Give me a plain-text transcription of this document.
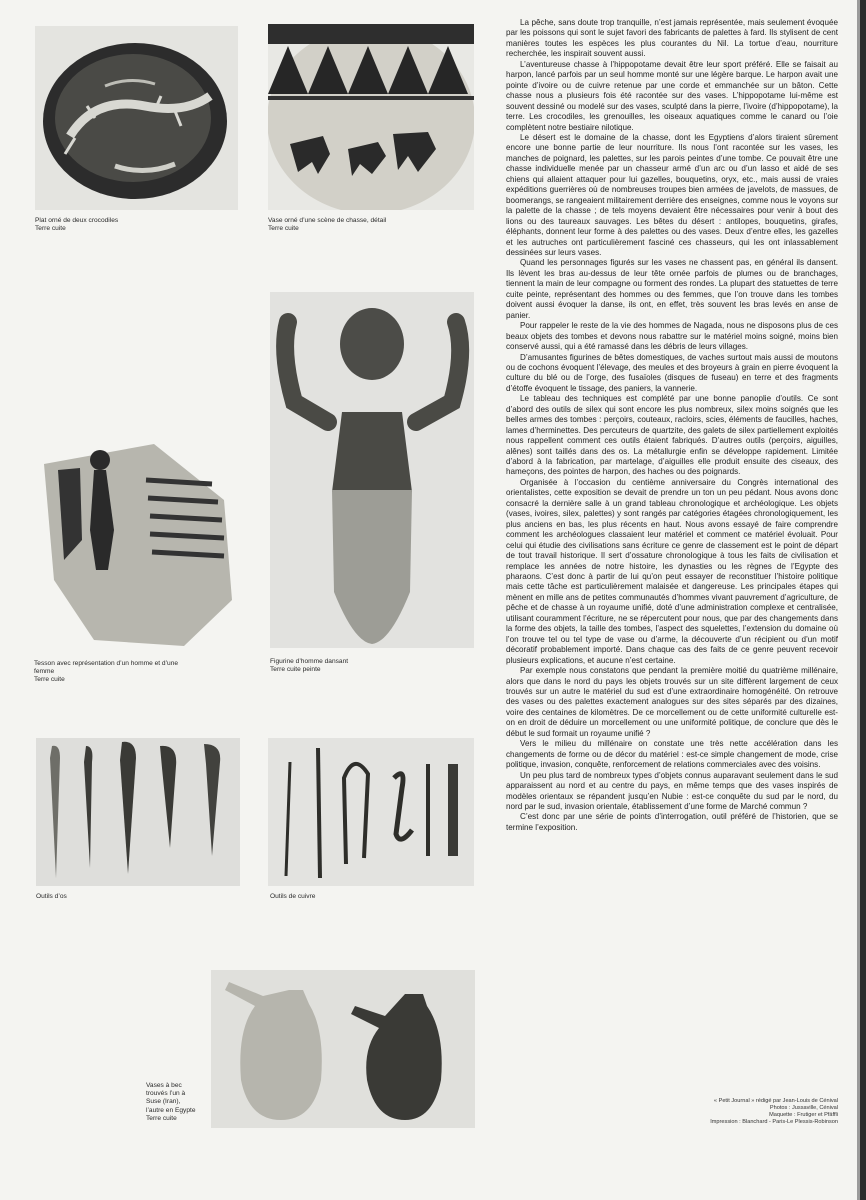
Plat orné de deux crocodiles
Terre cuite
Vase orné d’une scène de chasse, détail
Terre cuite
Figurine d’homme dansant
Terre cuite peinte
Tesson avec représentation d’un homme et d’une
femme
Terre cuite
Outils d’os	Outils de cuivre
Vases à bec
trouvés l’un à
Suse (Iran),
l’autre en Egypte
Terre cuite

La pêche, sans doute trop tranquille, n’est jamais représentée, mais seulement évoquée par les poissons qui sont le sujet favori des fabricants de palettes à fard. Ils stylisent de cent manières toutes les espèces les plus courantes du Nil. La tortue d’eau, nourriture recherchée, les inspirait souvent aussi.

L’aventureuse chasse à l’hippopotame devait être leur sport préféré. Elle se faisait au harpon, lancé parfois par un seul homme monté sur une légère barque. Le harpon avait une pointe d’ivoire ou de cuivre retenue par une corde et emmanchée sur un bâton. Cette chasse nous a plusieurs fois été racontée sur des vases. L’hippopotame lui-même est souvent dessiné ou modelé sur des vases, sculpté dans la pierre, l’ivoire (d’hippopotame), la terre. Les crocodiles, les grenouilles, les oiseaux aquatiques comme le canard ou l’oie complètent notre bestiaire nilotique.

Le désert est le domaine de la chasse, dont les Egyptiens d’alors tiraient sûrement encore une bonne partie de leur nourriture. Ils nous l’ont racontée sur les vases, les manches de poignard, les palettes, sur les parois peintes d’une tombe. Ce pouvait être une chasse individuelle menée par un chasseur armé d’un arc ou d’un lasso et aidé de ses chiens qui allaient attaquer pour lui gazelles, bouquetins, oryx, etc., mais aussi de vraies expéditions guerrières où de nombreuses troupes bien armées de javelots, de massues, de boomerangs, se rangeaient militairement derrière des enseignes, comme nous le voyons sur la palette de la chasse ; de tels moyens devaient être nécessaires pour venir à bout des lions ou des taureaux sauvages. Les bêtes du désert : antilopes, bouquetins, girafes, éléphants, donnent leur forme à des palettes ou des vases. Deux d’entre elles, les gazelles et les autruches ont particulièrement fasciné ces chasseurs, qui les ont inlassablement dessinées sur leurs vases.

Quand les personnages figurés sur les vases ne chassent pas, en général ils dansent. Ils lèvent les bras au-dessus de leur tête ornée parfois de plumes ou de branchages, tiennent la main de leur compagne ou forment des rondes. La plupart des statuettes de terre cuite peinte, représentant des hommes ou des femmes, que l’on trouve dans les tombes doivent aussi évoquer la danse, ils ont, en effet, très souvent les bras levés en anse de panier.

Pour rappeler le reste de la vie des hommes de Nagada, nous ne disposons plus de ces beaux objets des tombes et devons nous rabattre sur le matériel moins soigné, moins bien conservé aussi, qui a été ramassé dans les débris de leurs villages.

D’amusantes figurines de bêtes domestiques, de vaches surtout mais aussi de moutons ou de cochons évoquent l’élevage, des meules et des broyeurs à grain en pierre évoquent la culture du blé ou de l’orge, des fusaïoles (disques de fuseau) en terre et des fragments d’étoffe évoquent le tissage, des paniers, la vannerie.

Le tableau des techniques est complété par une bonne panoplie d’outils. Ce sont d’abord des outils de silex qui sont encore les plus nombreux, silex moins soignés que les belles armes des tombes : perçoirs, couteaux, racloirs, scies, éléments de faucilles, haches, lames d’herminettes. Des percuteurs de quartzite, des galets de silex partiellement exploités nous rappellent comment ces outils étaient fabriqués. D’autres outils (perçoirs, aiguilles, alênes) sont taillés dans des os. La métallurgie enfin se développe rapidement. Limitée d’abord à la fabrication, par martelage, d’aiguilles elle produit ensuite des ciseaux, des hameçons, des pointes de harpon, des haches ou des poignards.

Organisée à l’occasion du centième anniversaire du Congrès international des orientalistes, cette exposition se devait de prendre un ton un peu pédant. Nous avons donc consacré la dernière salle à un grand tableau chronologique et archéologique. Les objets (vases, ivoires, silex, palettes) y sont rangés par catégories étagées chronologiquement, les plus anciens en bas, les plus récents en haut. Nous avons essayé de faire comprendre comment les archéologues classaient leur matériel et comment ce matériel évoluait. Pour celui qui étudie des civilisations sans écriture ce genre de classement est le point de départ de tout travail historique. Il sert d’ossature chronologique à tous les faits de civilisation et remplace les années de notre histoire, les dynasties ou les règnes de l’Egypte des pharaons. C’est donc à partir de lui qu’on peut essayer de reconstituer l’histoire politique mais cette tâche est particulièrement malaisée et dangereuse. Les principales étapes qui mènent en mille ans de petites communautés d’hommes vivant pauvrement d’agriculture, de pêche et de chasse à un royaume unifié, doté d’une administration complexe et centralisée, utilisant couramment l’écriture, ne se répercutent pour nous, que par des changements dans la forme des objets, la taille des tombes, l’aspect des squelettes, l’extension du domaine où l’on trouve tel ou tel type de vase ou d’arme, la découverte d’un récipient ou d’un motif décoratif probablement importé. Dans chaque cas des faits de ce genre peuvent recevoir plusieurs explications, et aucune n’est certaine.

Par exemple nous constatons que pendant la première moitié du quatrième millénaire, alors que dans le nord du pays les objets trouvés sur un site diffèrent largement de ceux trouvés sur un autre le matériel du sud est d’une extraordinaire homogénéité. On retrouve des vases ou des palettes exactement analogues sur des sites séparés par des dizaines, voire des centaines de kilomètres. De ce morcellement ou de cette uniformité culturelle est-on en droit de déduire un morcellement ou une uniformité politique, de conclure que dès le début le sud formait un royaume unifié ?

Vers le milieu du millénaire on constate une très nette accélération dans les changements de forme ou de décor du matériel : est-ce simple changement de mode, crise politique, invasion, conquête, renforcement de relations commerciales avec des voisins.

Un peu plus tard de nombreux types d’objets connus auparavant seulement dans le sud apparaissent au nord et au centre du pays, en même temps que des vases inspirés de modèles orientaux se répandent jusqu’en Nubie : est-ce conquête du sud par le nord, du nord par le sud, invasion orientale, établissement d’une forme de Marché commun ?

C’est donc par une série de points d’interrogation, outil préféré de l’historien, que se termine l’exposition.

« Petit Journal » rédigé par Jean-Louis de Cénival
Photos : Jussaville, Cénival
Maquette : Frutiger et Pfäffli
Impression : Blanchard - Paris-Le Plessis-Robinson
